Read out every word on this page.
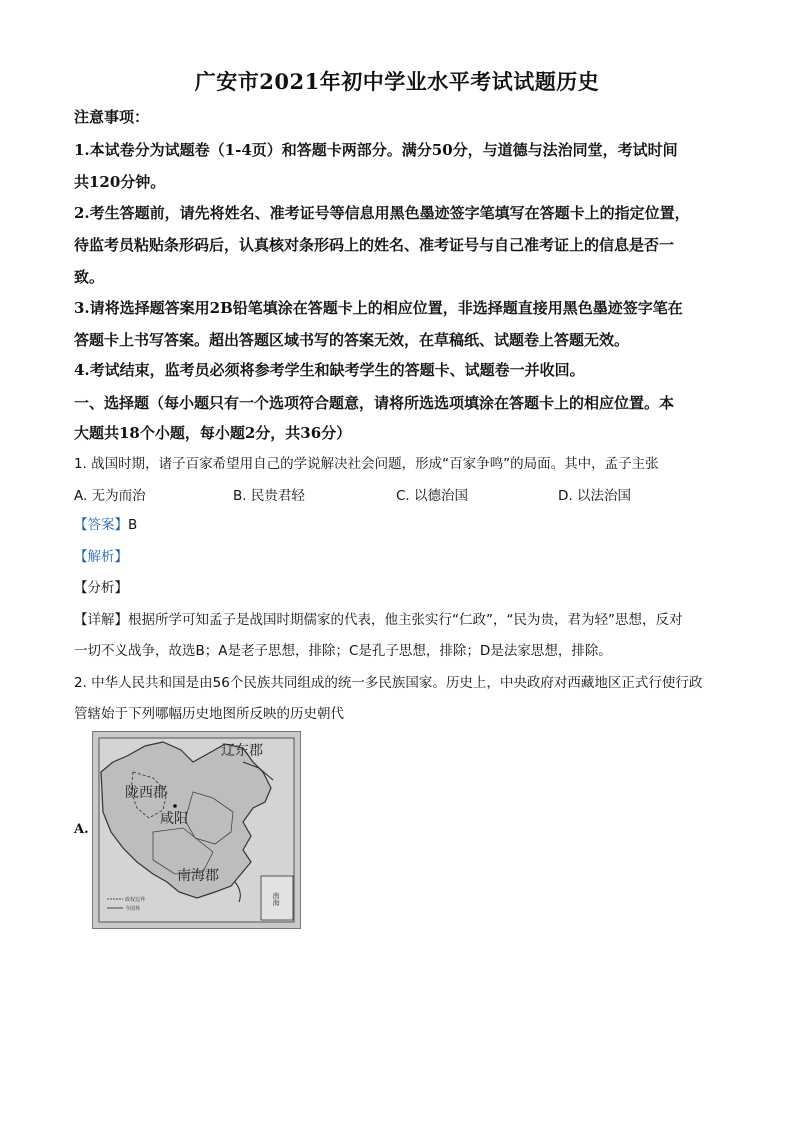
广安市2021年初中学业水平考试试题历史
注意事项：
1.本试卷分为试题卷（1-4页）和答题卡两部分。满分50分，与道德与法治同堂，考试时间
共120分钟。
2.考生答题前，请先将姓名、准考证号等信息用黑色墨迹签字笔填写在答题卡上的指定位置，
待监考员粘贴条形码后，认真核对条形码上的姓名、准考证号与自己准考证上的信息是否一
致。
3.请将选择题答案用2B铅笔填涂在答题卡上的相应位置，非选择题直接用黑色墨迹签字笔在
答题卡上书写答案。超出答题区域书写的答案无效，在草稿纸、试题卷上答题无效。
4.考试结束，监考员必须将参考学生和缺考学生的答题卡、试题卷一并收回。
一、选择题（每小题只有一个选项符合题意，请将所选选项填涂在答题卡上的相应位置。本
大题共18个小题，每小题2分，共36分）
1. 战国时期，诸子百家希望用自己的学说解决社会问题，形成“百家争鸣”的局面。其中，孟子主张
A. 无为而治	B. 民贵君轻	C. 以德治国	D. 以法治国
【答案】B
【解析】
【分析】
【详解】根据所学可知孟子是战国时期儒家的代表，他主张实行“仁政”，“民为贵，君为轻”思想，反对
一切不义战争，故选B；A是老子思想，排除；C是孔子思想，排除；D是法家思想，排除。
2. 中华人民共和国是由56个民族共同组成的统一多民族国家。历史上，中央政府对西藏地区正式行使行政
管辖始于下列哪幅历史地图所反映的历史朝代
A.
辽东郡
陇西郡
咸阳
南海郡
政权边界
今国界
南海
